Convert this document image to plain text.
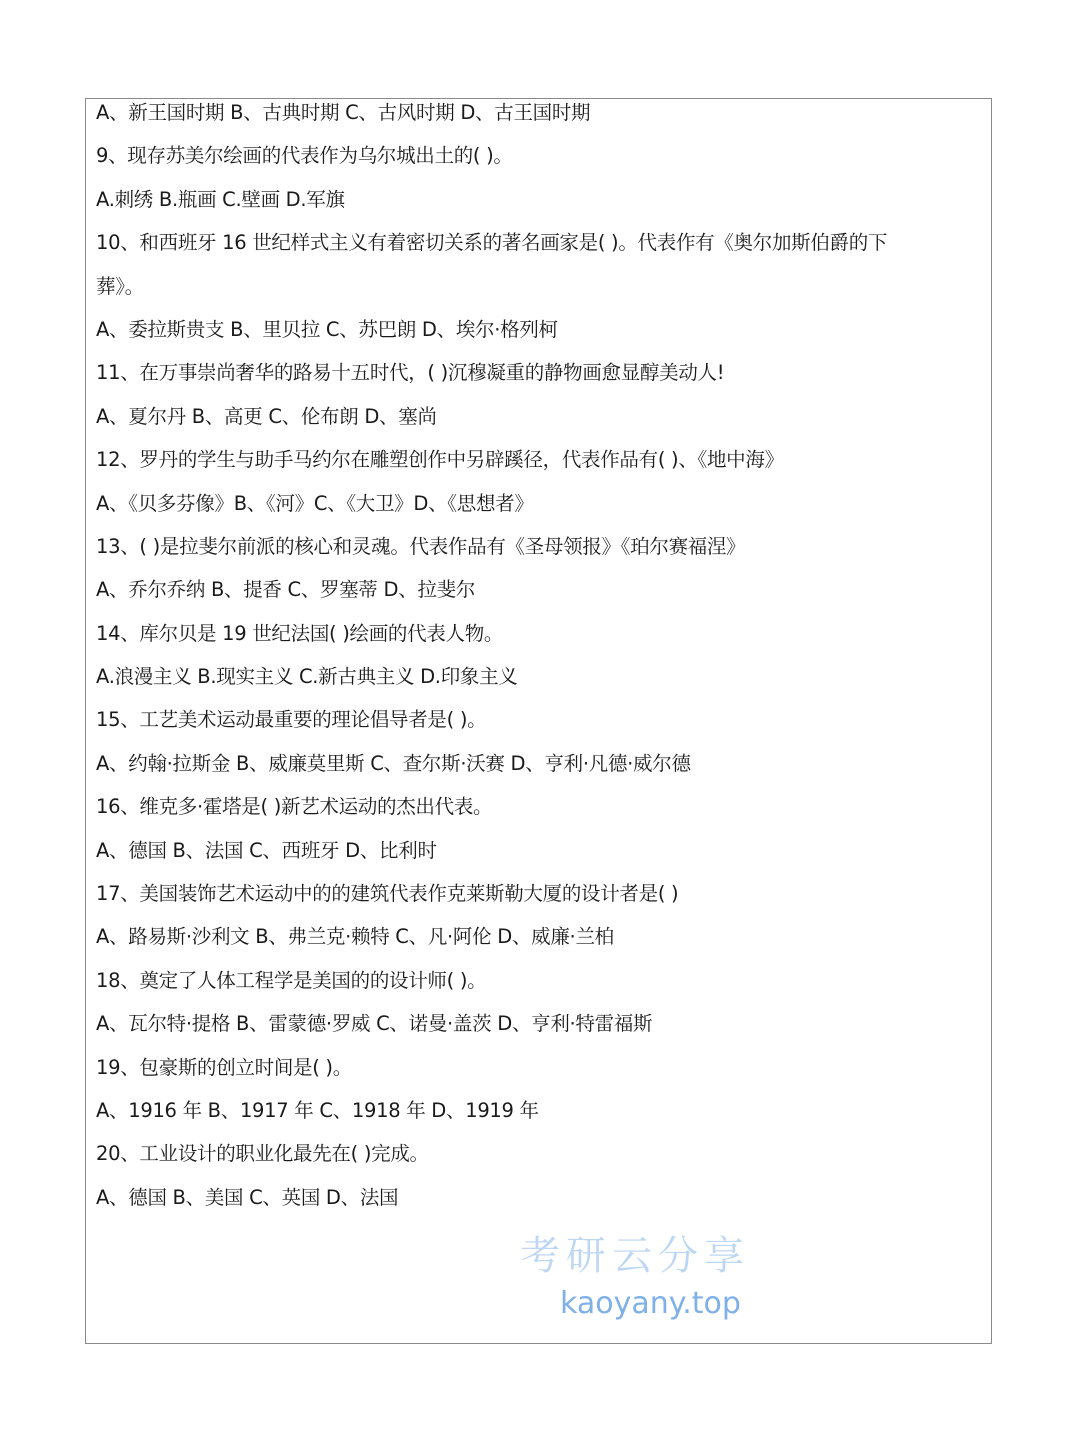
A、新王国时期 B、古典时期 C、古风时期 D、古王国时期
9、现存苏美尔绘画的代表作为乌尔城出土的( )。
A.刺绣 B.瓶画 C.壁画 D.军旗
10、和西班牙 16 世纪样式主义有着密切关系的著名画家是( )。代表作有《奥尔加斯伯爵的下
葬》。
A、委拉斯贵支 B、里贝拉 C、苏巴朗 D、埃尔·格列柯
11、在万事崇尚奢华的路易十五时代，( )沉穆凝重的静物画愈显醇美动人!
A、夏尔丹 B、高更 C、伦布朗 D、塞尚
12、罗丹的学生与助手马约尔在雕塑创作中另辟蹊径，代表作品有( )、《地中海》
A、《贝多芬像》B、《河》C、《大卫》D、《思想者》
13、( )是拉斐尔前派的核心和灵魂。代表作品有《圣母领报》《珀尔赛福涅》
A、乔尔乔纳 B、提香 C、罗塞蒂 D、拉斐尔
14、库尔贝是 19 世纪法国( )绘画的代表人物。
A.浪漫主义 B.现实主义 C.新古典主义 D.印象主义
15、工艺美术运动最重要的理论倡导者是( )。
A、约翰·拉斯金 B、威廉莫里斯 C、查尔斯·沃赛 D、亨利·凡德·威尔德
16、维克多·霍塔是( )新艺术运动的杰出代表。
A、德国 B、法国 C、西班牙 D、比利时
17、美国装饰艺术运动中的的建筑代表作克莱斯勒大厦的设计者是( )
A、路易斯·沙利文 B、弗兰克·赖特 C、凡·阿伦 D、威廉·兰柏
18、奠定了人体工程学是美国的的设计师( )。
A、瓦尔特·提格 B、雷蒙德·罗威 C、诺曼·盖茨 D、亨利·特雷福斯
19、包豪斯的创立时间是( )。
A、1916 年 B、1917 年 C、1918 年 D、1919 年
20、工业设计的职业化最先在( )完成。
A、德国 B、美国 C、英国 D、法国
考研云分享
kaoyany.top
